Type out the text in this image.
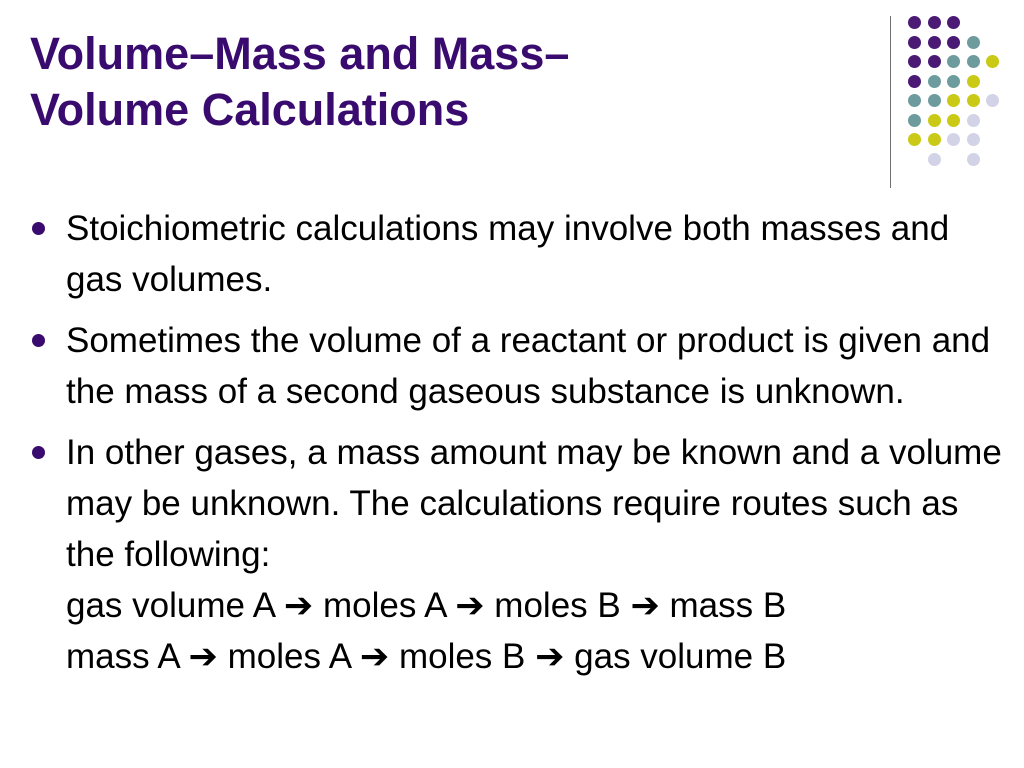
Volume–Mass and Mass–
Volume Calculations
Stoichiometric calculations may involve both masses and gas volumes.
Sometimes the volume of a reactant or product is given and the mass of a second gaseous substance is unknown.
In other gases, a mass amount may be known and a volume may be unknown. The calculations require routes such as the following:
gas volume A ➔ moles A ➔ moles B ➔ mass B
mass A ➔ moles A ➔ moles B ➔ gas volume B
